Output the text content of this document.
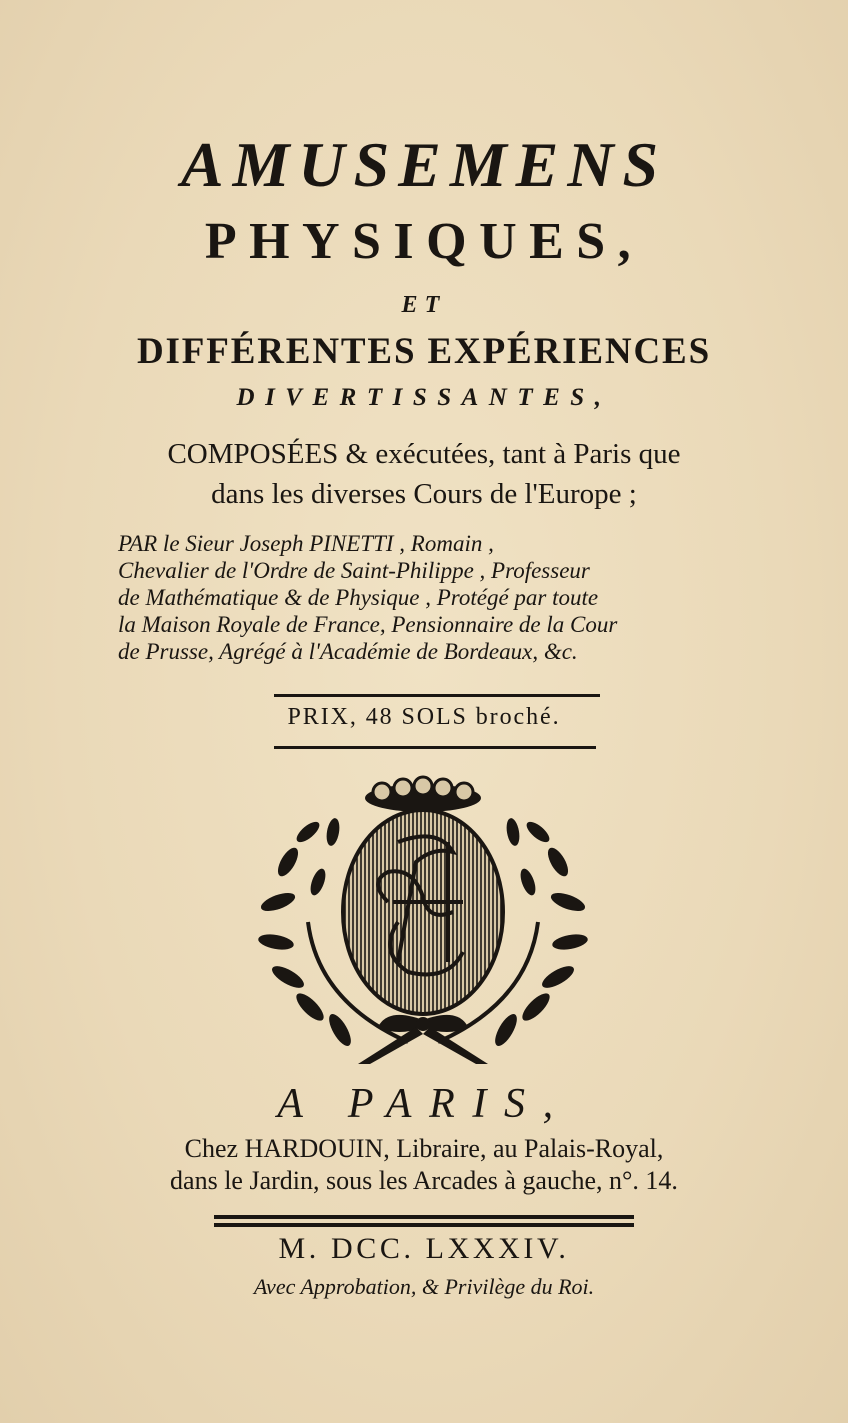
AMUSEMENS
PHYSIQUES,
ET
DIFFÉRENTES EXPÉRIENCES
DIVERTISSANTES,
COMPOSÉES & exécutées, tant à Paris que
dans les diverses Cours de l'Europe ;
PAR le Sieur Joseph PINETTI , Romain ,
Chevalier de l'Ordre de Saint-Philippe , Professeur
de Mathématique & de Physique , Protégé par toute
la Maison Royale de France, Pensionnaire de la Cour
de Prusse, Agrégé à l'Académie de Bordeaux, &c.
PRIX, 48 SOLS broché.
A PARIS,
Chez HARDOUIN, Libraire, au Palais-Royal,
dans le Jardin, sous les Arcades à gauche, n°. 14.
M. DCC. LXXXIV.
Avec Approbation, & Privilège du Roi.
